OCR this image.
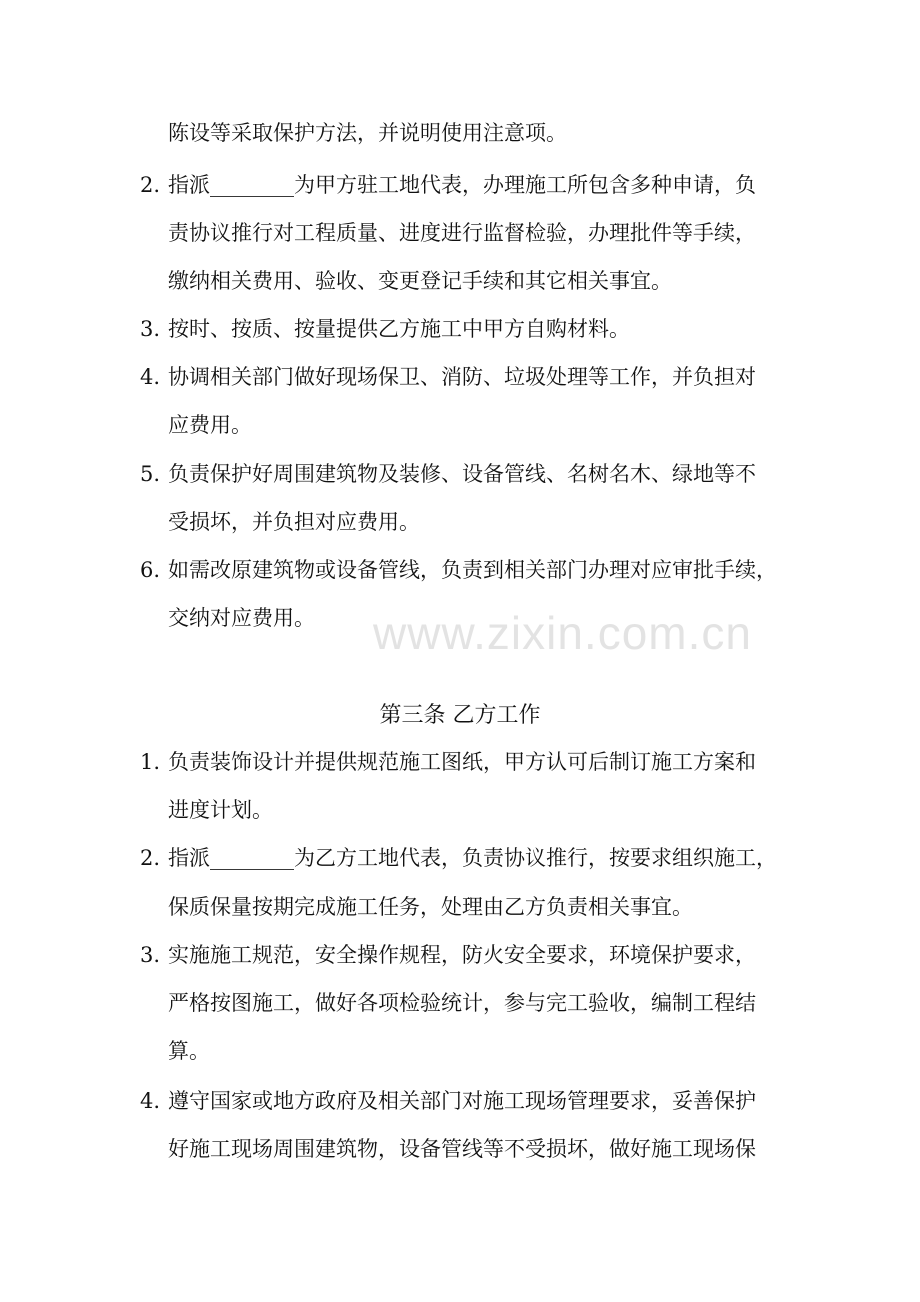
陈设等采取保护方法，并说明使用注意项。
2. 指派________为甲方驻工地代表，办理施工所包含多种申请，负
责协议推行对工程质量、进度进行监督检验，办理批件等手续，
缴纳相关费用、验收、变更登记手续和其它相关事宜。
3. 按时、按质、按量提供乙方施工中甲方自购材料。
4. 协调相关部门做好现场保卫、消防、垃圾处理等工作，并负担对
应费用。
5. 负责保护好周围建筑物及装修、设备管线、名树名木、绿地等不
受损坏，并负担对应费用。
6. 如需改原建筑物或设备管线，负责到相关部门办理对应审批手续，
交纳对应费用。 www.zixin.com.cn
第三条 乙方工作
1. 负责装饰设计并提供规范施工图纸，甲方认可后制订施工方案和
进度计划。
2. 指派________为乙方工地代表，负责协议推行，按要求组织施工，
保质保量按期完成施工任务，处理由乙方负责相关事宜。
3. 实施施工规范，安全操作规程，防火安全要求，环境保护要求，
严格按图施工，做好各项检验统计，参与完工验收，编制工程结
算。
4. 遵守国家或地方政府及相关部门对施工现场管理要求，妥善保护
好施工现场周围建筑物，设备管线等不受损坏，做好施工现场保
